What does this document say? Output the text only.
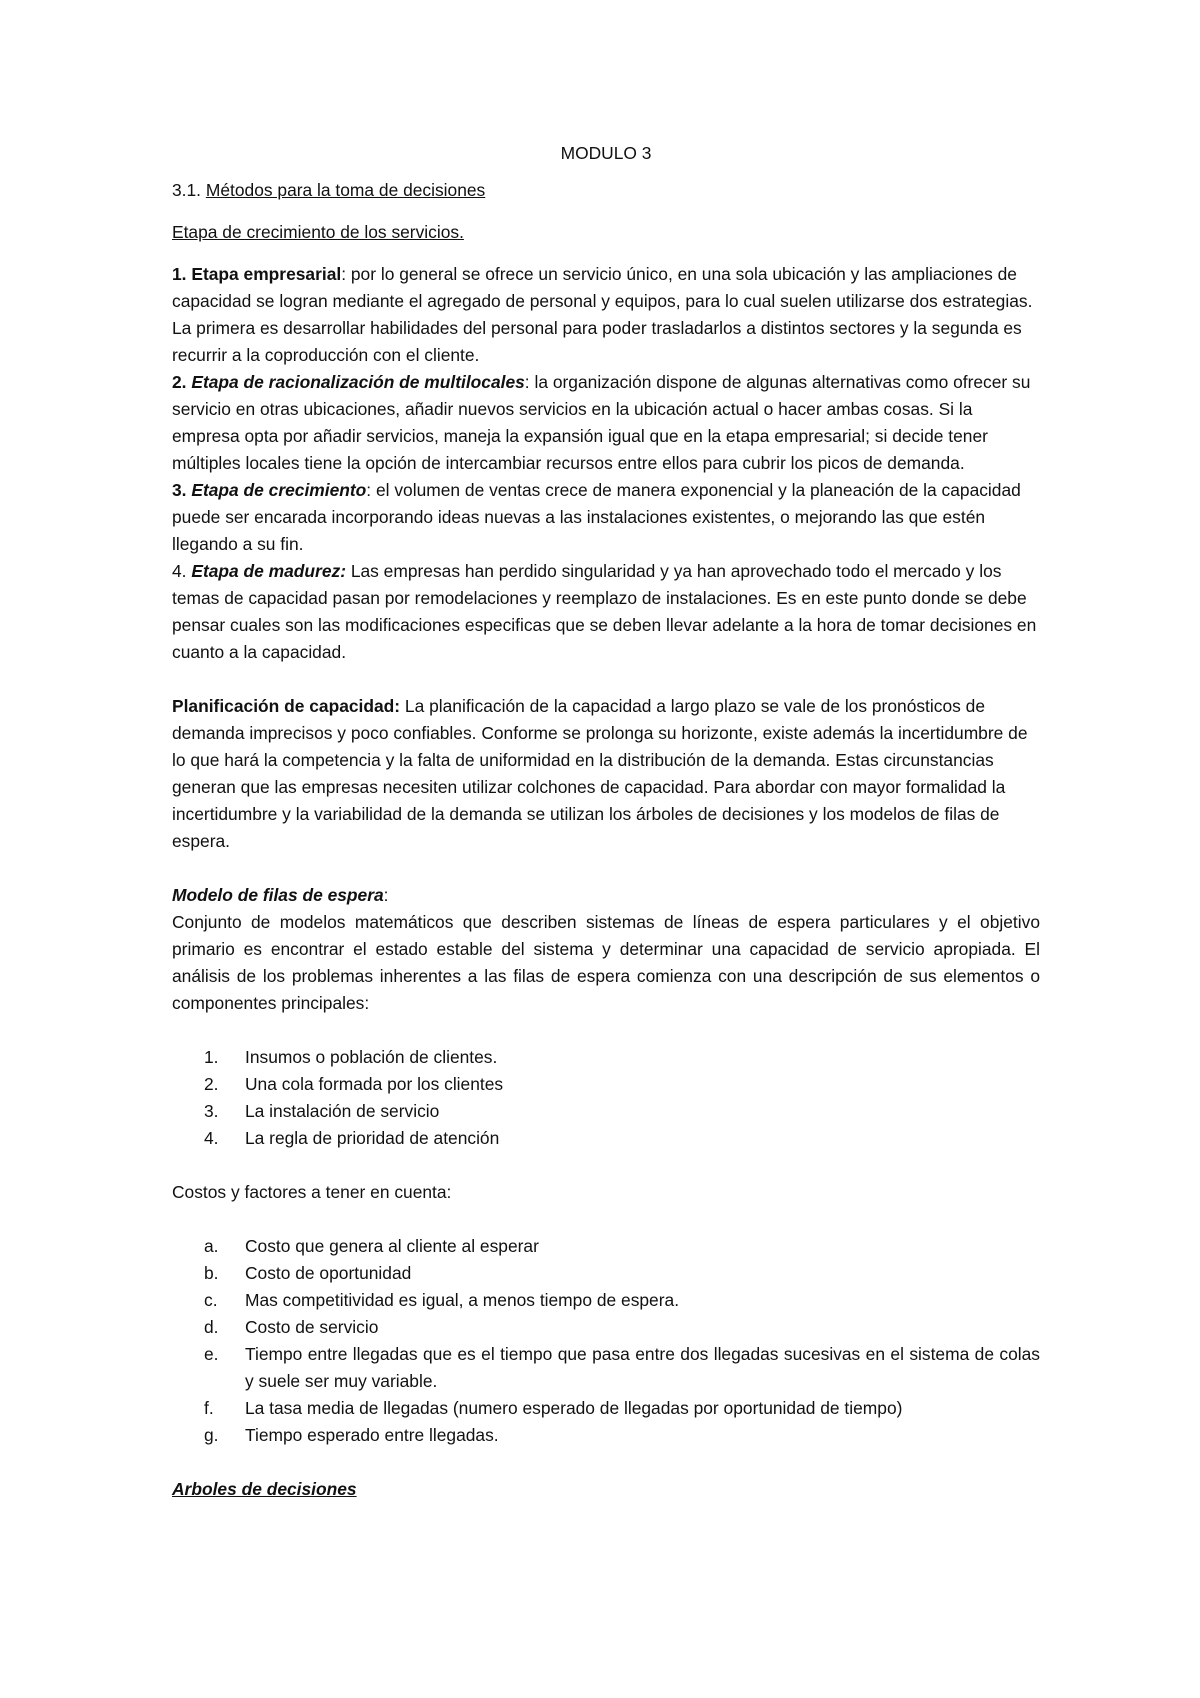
MODULO 3

3.1. Métodos para la toma de decisiones

Etapa de crecimiento de los servicios.

1. Etapa empresarial: por lo general se ofrece un servicio único, en una sola ubicación y las ampliaciones de capacidad se logran mediante el agregado de personal y equipos, para lo cual suelen utilizarse dos estrategias. La primera es desarrollar habilidades del personal para poder trasladarlos a distintos sectores y la segunda es recurrir a la coproducción con el cliente.

2. Etapa de racionalización de multilocales: la organización dispone de algunas alternativas como ofrecer su servicio en otras ubicaciones, añadir nuevos servicios en la ubicación actual o hacer ambas cosas. Si la empresa opta por añadir servicios, maneja la expansión igual que en la etapa empresarial; si decide tener múltiples locales tiene la opción de intercambiar recursos entre ellos para cubrir los picos de demanda.

3. Etapa de crecimiento: el volumen de ventas crece de manera exponencial y la planeación de la capacidad puede ser encarada incorporando ideas nuevas a las instalaciones existentes, o mejorando las que estén llegando a su fin.

4. Etapa de madurez: Las empresas han perdido singularidad y ya han aprovechado todo el mercado y los temas de capacidad pasan por remodelaciones y reemplazo de instalaciones. Es en este punto donde se debe pensar cuales son las modificaciones especificas que se deben llevar adelante a la hora de tomar decisiones en cuanto a la capacidad.

Planificación de capacidad: La planificación de la capacidad a largo plazo se vale de los pronósticos de demanda imprecisos y poco confiables. Conforme se prolonga su horizonte, existe además la incertidumbre de lo que hará la competencia y la falta de uniformidad en la distribución de la demanda. Estas circunstancias generan que las empresas necesiten utilizar colchones de capacidad. Para abordar con mayor formalidad la incertidumbre y la variabilidad de la demanda se utilizan los árboles de decisiones y los modelos de filas de espera.

Modelo de filas de espera:

Conjunto de modelos matemáticos que describen sistemas de líneas de espera particulares y el objetivo primario es encontrar el estado estable del sistema y determinar una capacidad de servicio apropiada. El análisis de los problemas inherentes a las filas de espera comienza con una descripción de sus elementos o componentes principales:

1.	Insumos o población de clientes.
2.	Una cola formada por los clientes
3.	La instalación de servicio
4.	La regla de prioridad de atención

Costos y factores a tener en cuenta:

a.	Costo que genera al cliente al esperar
b.	Costo de oportunidad
c.	Mas competitividad es igual, a menos tiempo de espera.
d.	Costo de servicio
e.	Tiempo entre llegadas que es el tiempo que pasa entre dos llegadas sucesivas en el sistema de colas y suele ser muy variable.
f.	La tasa media de llegadas (numero esperado de llegadas por oportunidad de tiempo)
g.	Tiempo esperado entre llegadas.

Arboles de decisiones
